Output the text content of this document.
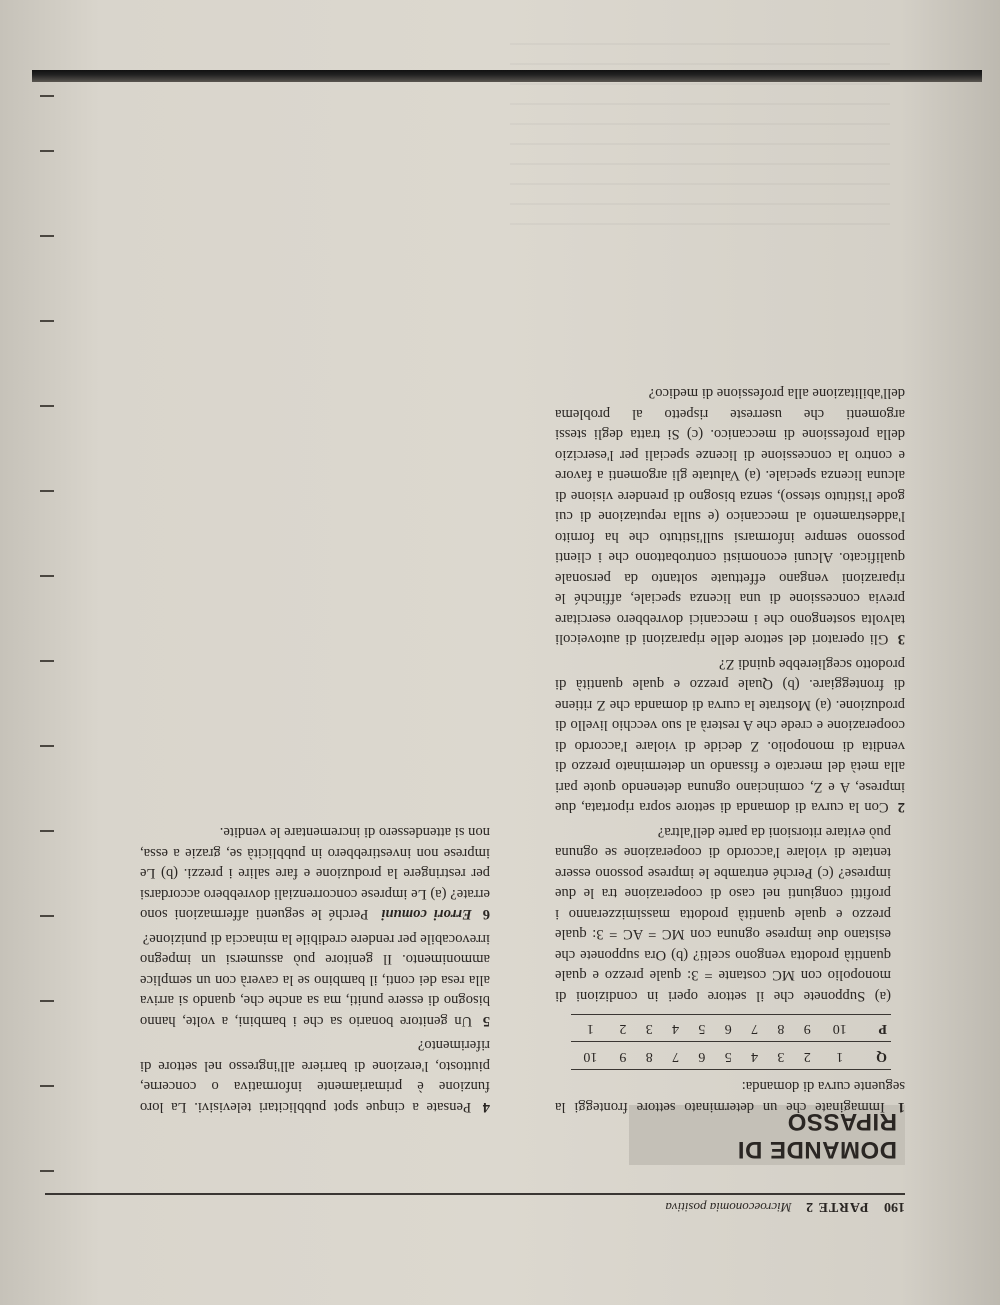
190 PARTE 2 Microeconomia positiva
DOMANDE DI RIPASSO
1 Immaginate che un determinato settore fronteggi la seguente curva di domanda:
Q	1	2	3	4	5	6	7	8	9	10
P	10	9	8	7	6	5	4	3	2	1
(a) Supponete che il settore operi in condizioni di monopolio con MC costante = 3: quale prezzo e quale quantità prodotta vengono scelti? (b) Ora supponete che esistano due imprese ognuna con MC = AC = 3: quale prezzo e quale quantità prodotta massimizzeranno i profitti congiunti nel caso di cooperazione tra le due imprese? (c) Perché entrambe le imprese possono essere tentate di violare l'accordo di cooperazione se ognuna può evitare ritorsioni da parte dell'altra?
2 Con la curva di domanda di settore sopra riportata, due imprese, A e Z, cominciano ognuna detenendo quote pari alla metà del mercato e fissando un determinato prezzo di vendita di monopolio. Z decide di violare l'accordo di cooperazione e crede che A resterà al suo vecchio livello di produzione. (a) Mostrate la curva di domanda che Z ritiene di fronteggiare. (b) Quale prezzo e quale quantità di prodotto sceglierebbe quindi Z?
3 Gli operatori del settore delle riparazioni di autoveicoli talvolta sostengono che i meccanici dovrebbero esercitare previa concessione di una licenza speciale, affinché le riparazioni vengano effettuate soltanto da personale qualificato. Alcuni economisti controbattono che i clienti possono sempre informarsi sull'istituto che ha fornito l'addestramento al meccanico (e sulla reputazione di cui gode l'istituto stesso), senza bisogno di prendere visione di alcuna licenza speciale. (a) Valutate gli argomenti a favore e contro la concessione di licenze speciali per l'esercizio della professione di meccanico. (c) Si tratta degli stessi argomenti che userreste rispetto al problema dell'abilitazione alla professione di medico?
4 Pensate a cinque spot pubblicitari televisivi. La loro funzione è primariamente informativa o concerne, piuttosto, l'erezione di barriere all'ingresso nel settore di riferimento?
5 Un genitore bonario sa che i bambini, a volte, hanno bisogno di essere puniti, ma sa anche che, quando si arriva alla resa dei conti, il bambino se la caverà con un semplice ammonimento. Il genitore può assumersi un impegno irrevocabile per rendere credibile la minaccia di punizione?
6 Errori comuni Perché le seguenti affermazioni sono errate? (a) Le imprese concorrenziali dovrebbero accordarsi per restringere la produzione e fare salire i prezzi. (b) Le imprese non investirebbero in pubblicità se, grazie a essa, non si attendessero di incrementare le vendite.
